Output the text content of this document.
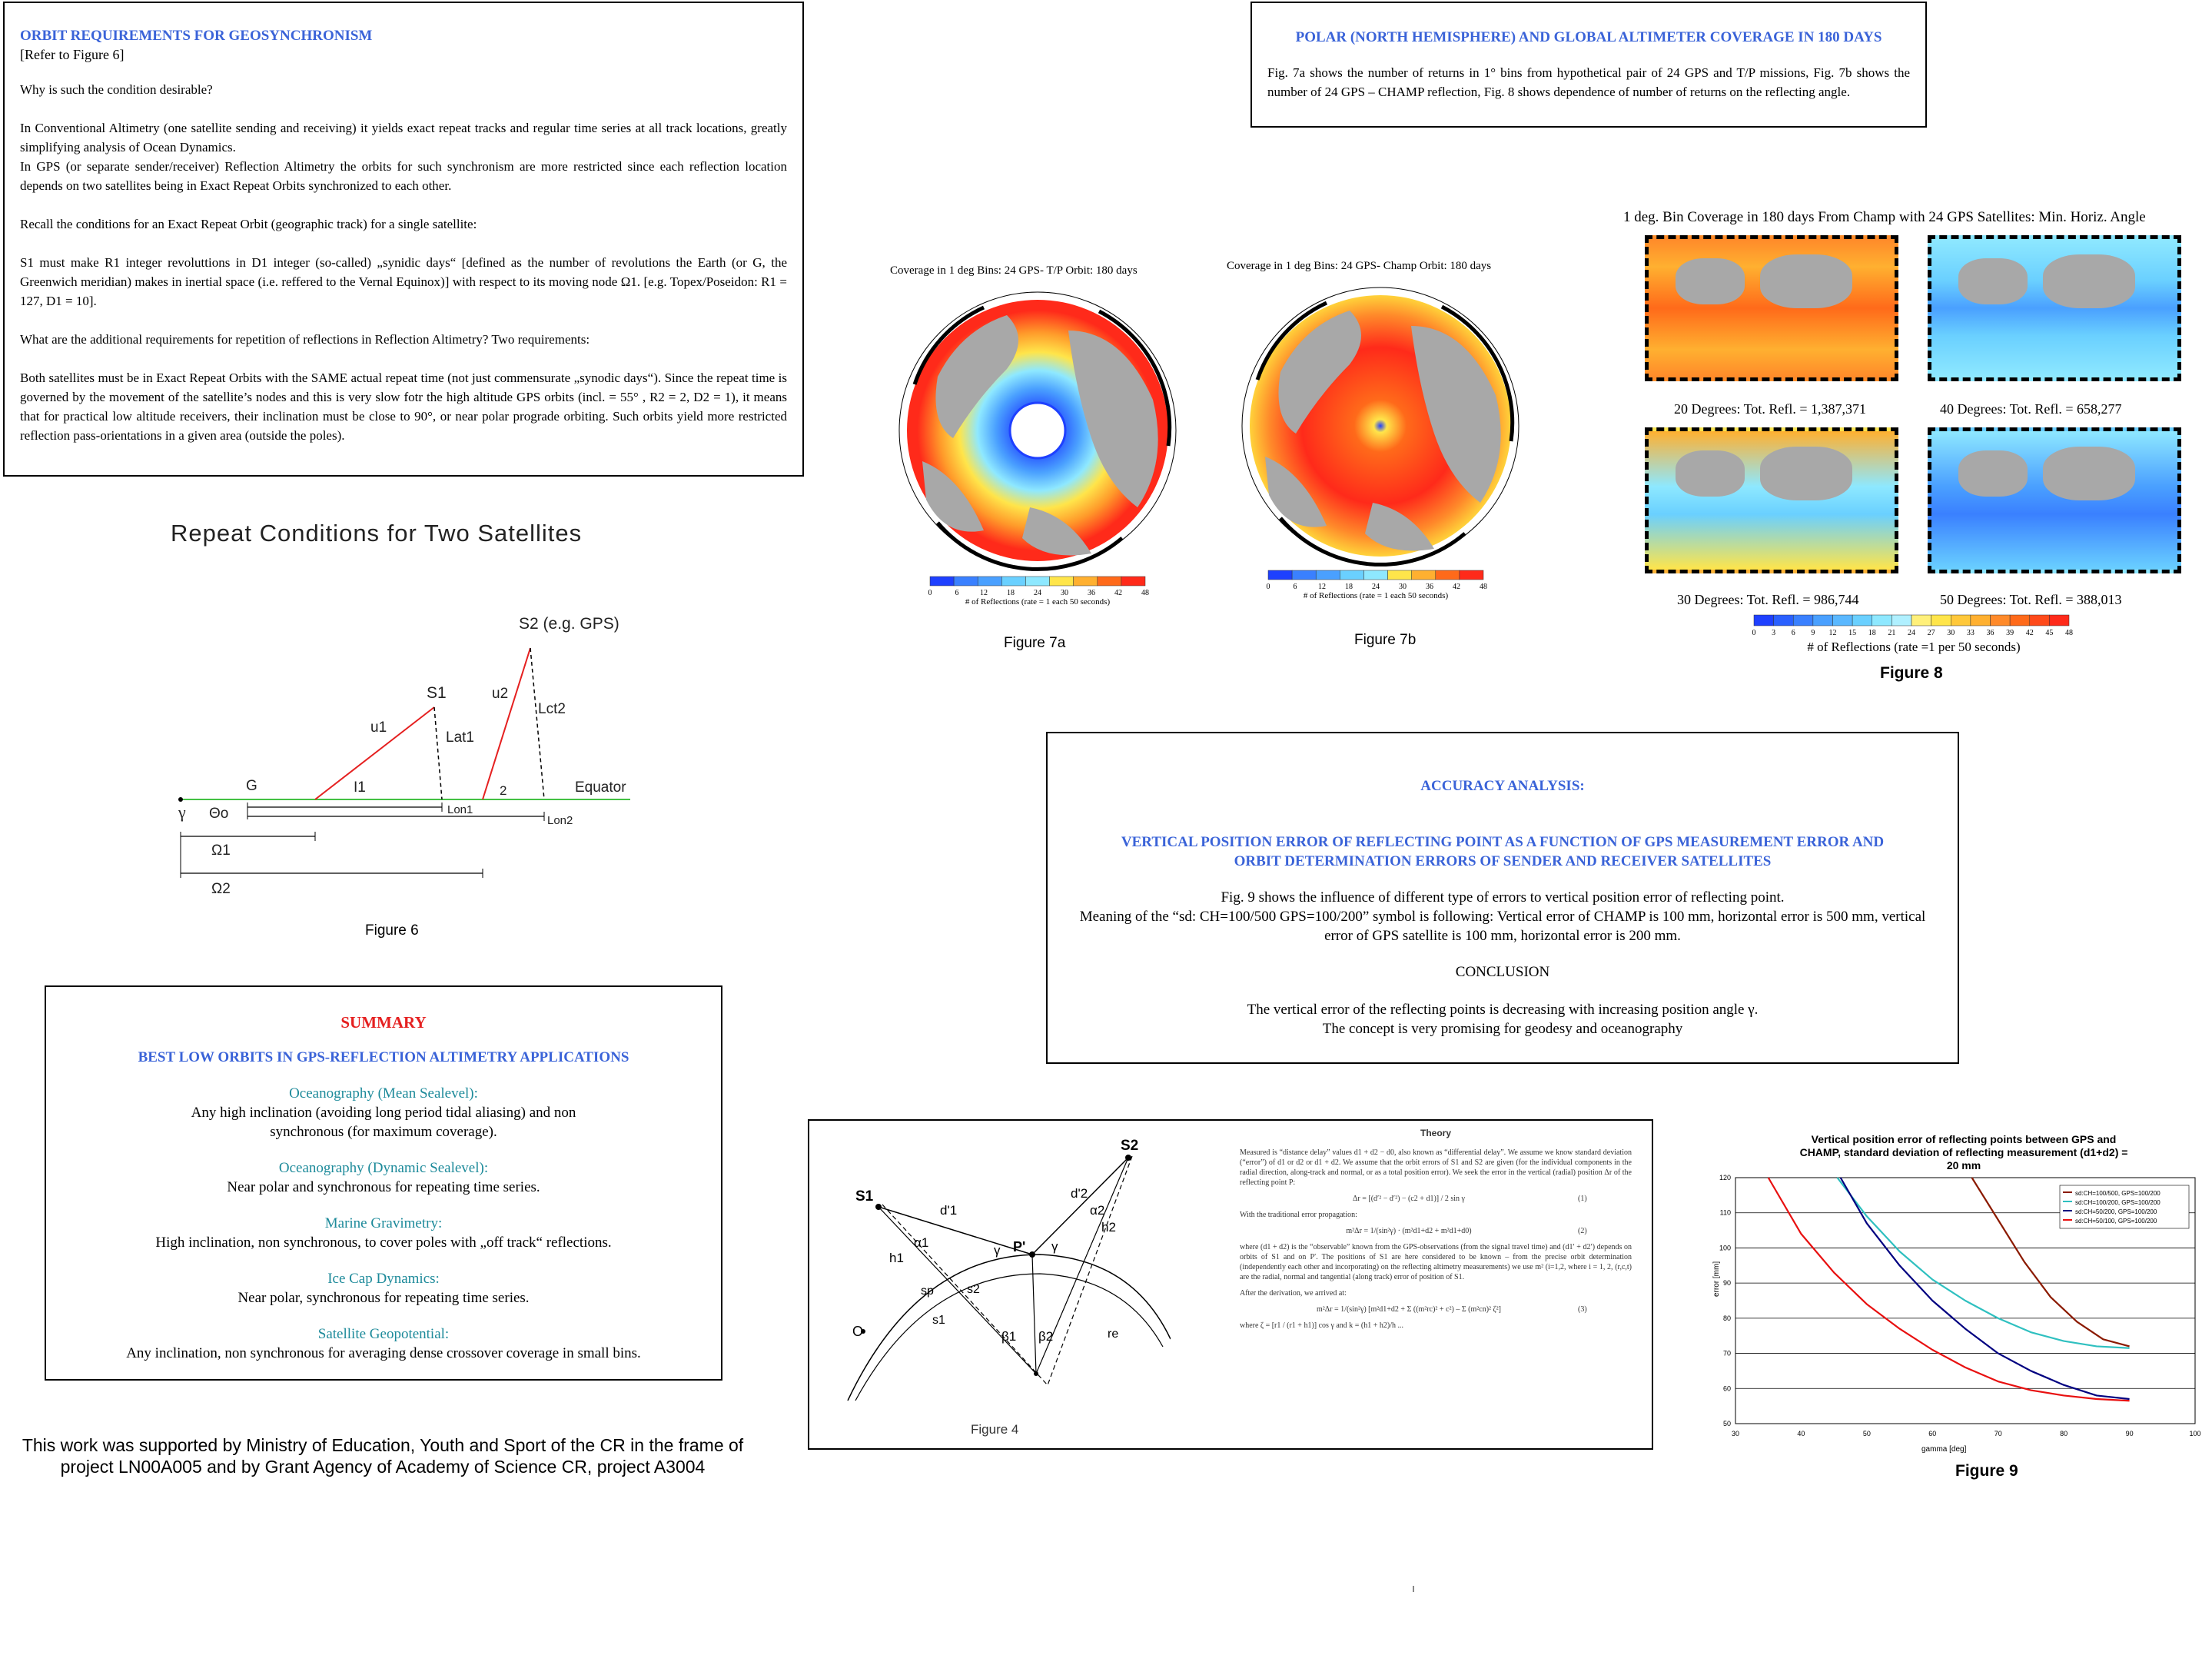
ORBIT REQUIREMENTS FOR GEOSYNCHRONISM

[Refer to Figure 6]

Why is such the condition desirable?

In Conventional Altimetry (one satellite sending and receiving) it yields exact repeat tracks and regular time series at all track locations, greatly simplifying analysis of Ocean Dynamics.

In GPS (or separate sender/receiver) Reflection Altimetry the orbits for such synchronism are more restricted since each reflection location depends on two satellites being in Exact Repeat Orbits synchronized to each other.

Recall the conditions for an Exact Repeat Orbit (geographic track) for a single satellite:

S1 must make R1 integer revoluttions in D1 integer (so-called) „synidic days“ [defined as the number of revolutions the Earth (or G, the Greenwich meridian) makes in inertial space (i.e. reffered to the Vernal Equinox)] with respect to its moving node Ω1. [e.g. Topex/Poseidon: R1 = 127, D1 = 10].

What are the additional requirements for repetition of reflections in Reflection Altimetry? Two requirements:

Both satellites must be in Exact Repeat Orbits with the SAME actual repeat time (not just commensurate „synodic days“). Since the repeat time is governed by the movement of the satellite’s nodes and this is very slow fotr the high altitude GPS orbits (incl. = 55° , R2 = 2, D2 = 1), it means that for practical low altitude receivers, their inclination must be close to 90°, or near polar prograde orbiting. Such orbits yield more restricted reflection pass-orientations in a given area (outside the poles).

Repeat Conditions for Two Satellites
S2 (e.g. GPS)
S1
u1
u2
Lat1
Lct2
G	I1	2	Equator
γ Θo	Lon1
Lon2
Ω1
Ω2
Figure 6

SUMMARY

BEST LOW ORBITS IN GPS-REFLECTION ALTIMETRY APPLICATIONS

Oceanography (Mean Sealevel):

Any high inclination (avoiding long period tidal aliasing) and non synchronous (for maximum coverage).

Oceanography (Dynamic Sealevel):

Near polar and synchronous for repeating time series.

Marine Gravimetry:

High inclination, non synchronous, to cover poles with „off track“ reflections.

Ice Cap Dynamics:

Near polar, synchronous for repeating time series.

Satellite Geopotential:

Any inclination, non synchronous for averaging dense crossover coverage in small bins.

This work was supported by Ministry of Education, Youth and Sport of the CR in the frame of project LN00A005 and by Grant Agency of Academy of Science CR, project A3004

POLAR (NORTH HEMISPHERE) AND GLOBAL ALTIMETER COVERAGE IN 180 DAYS

Fig. 7a shows the number of returns in 1° bins from hypothetical pair of 24 GPS and T/P missions, Fig. 7b shows the number of 24 GPS – CHAMP reflection, Fig. 8 shows dependence of number of returns on the reflecting angle.

Coverage in 1 deg Bins: 24 GPS- T/P Orbit: 180 days
0	6	12	18	24	30	36	42	48
# of Reflections (rate = 1 each 50 seconds)
Figure 7a
Coverage in 1 deg Bins: 24 GPS- Champ Orbit: 180 days
0	6	12	18	24	30	36	42	48
# of Reflections (rate = 1 each 50 seconds)
Figure 7b
1 deg. Bin Coverage in 180 days From Champ with 24 GPS Satellites: Min. Horiz. Angle
20 Degrees: Tot. Refl. = 1,387,371	40 Degrees: Tot. Refl. = 658,277
30 Degrees: Tot. Refl. = 986,744	50 Degrees: Tot. Refl. = 388,013
0 3 6 9 12 15 18 21 24 27 30 33 36 39 42 45 48
# of Reflections (rate =1 per 50 seconds)
Figure 8

ACCURACY ANALYSIS:

VERTICAL POSITION ERROR OF REFLECTING POINT AS A FUNCTION OF GPS MEASUREMENT ERROR AND ORBIT DETERMINATION ERRORS OF SENDER AND RECEIVER SATELLITES

Fig. 9 shows the influence of different type of errors to vertical position error of reflecting point.

Meaning of the “sd: CH=100/500 GPS=100/200” symbol is following: Vertical error of CHAMP is 100 mm, horizontal error is 500 mm, vertical error of GPS satellite is 100 mm, horizontal error is 200 mm.

CONCLUSION

The vertical error of the reflecting points is decreasing with increasing position angle γ.

The concept is very promising for geodesy and oceanography

S1
S2
O
P'
d'1
d'2
h1
h2
α1
α2
γ	γ
β1 β2
sp
s1
s2
re
Figure 4

Theory

Measured is “distance delay” values d1 + d2 − d0, also known as “differential delay”. We assume we know standard deviation (“error”) of d1 or d2 or d1 + d2. We assume that the orbit errors of S1 and S2 are given (for the individual components in the radial direction, along-track and normal, or as a total position error). We seek the error in the vertical (radial) position Δr of the reflecting point P:

Δr = [(d′² − d′²) − (c2 + d1)] / 2 sin γ	(1)

With the traditional error propagation:

m²Δr = 1/(sin²γ) · (m²d1+d2 + m²d1+d0)	(2)

where (d1 + d2) is the “observable” known from the GPS-observations (from the signal travel time) and (d1′ + d2′) depends on orbits of S1 and on P′. The positions of S1 are here considered to be known – from the precise orbit determination (independently each other and incorporating) on the reflecting altimetry measurements) we use m² (i=1,2, where i = 1, 2, (r,c,t) are the radial, normal and tangential (along track) error of position of S1.

After the derivation, we arrived at:

m²Δr = 1/(sin²γ) [m²d1+d2 + Σ ((m²rc)² + c²) – Σ (m²cn)² ζ²]	(3)

where ζ = [r1 / (r1 + h1)] cos γ and k = (h1 + h2)/h ...

Vertical position error of reflecting points between GPS and CHAMP, standard deviation of reflecting measurement (d1+d2) = 20 mm
50
60
70
80
90
100
110
120
30	40	50	60	70	80	90	100
sd:CH=100/500, GPS=100/200
sd:CH=100/200, GPS=100/200
sd:CH=50/200, GPS=100/200
sd:CH=50/100, GPS=100/200
error [mm]
gamma [deg]
Figure 9
